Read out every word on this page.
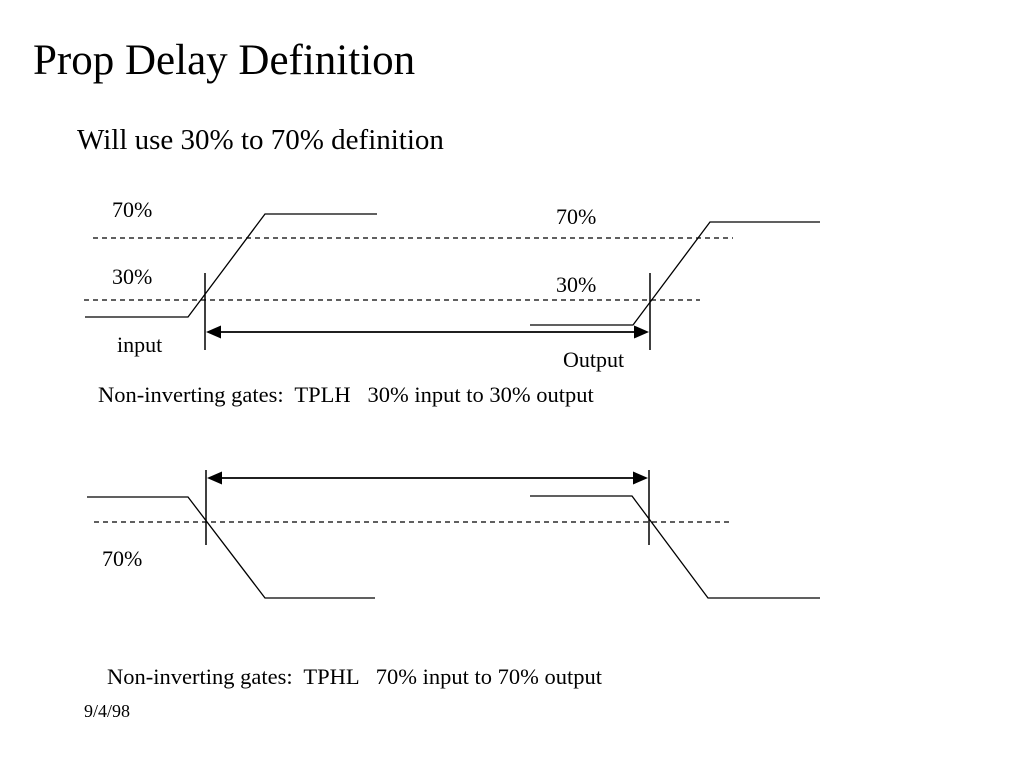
Prop Delay Definition
Will use 30% to 70% definition
70%
30%
input
70%
30%
Output
Non-inverting gates:  TPLH   30% input to 30% output
70%
Non-inverting gates:  TPHL   70% input to 70% output
9/4/98
